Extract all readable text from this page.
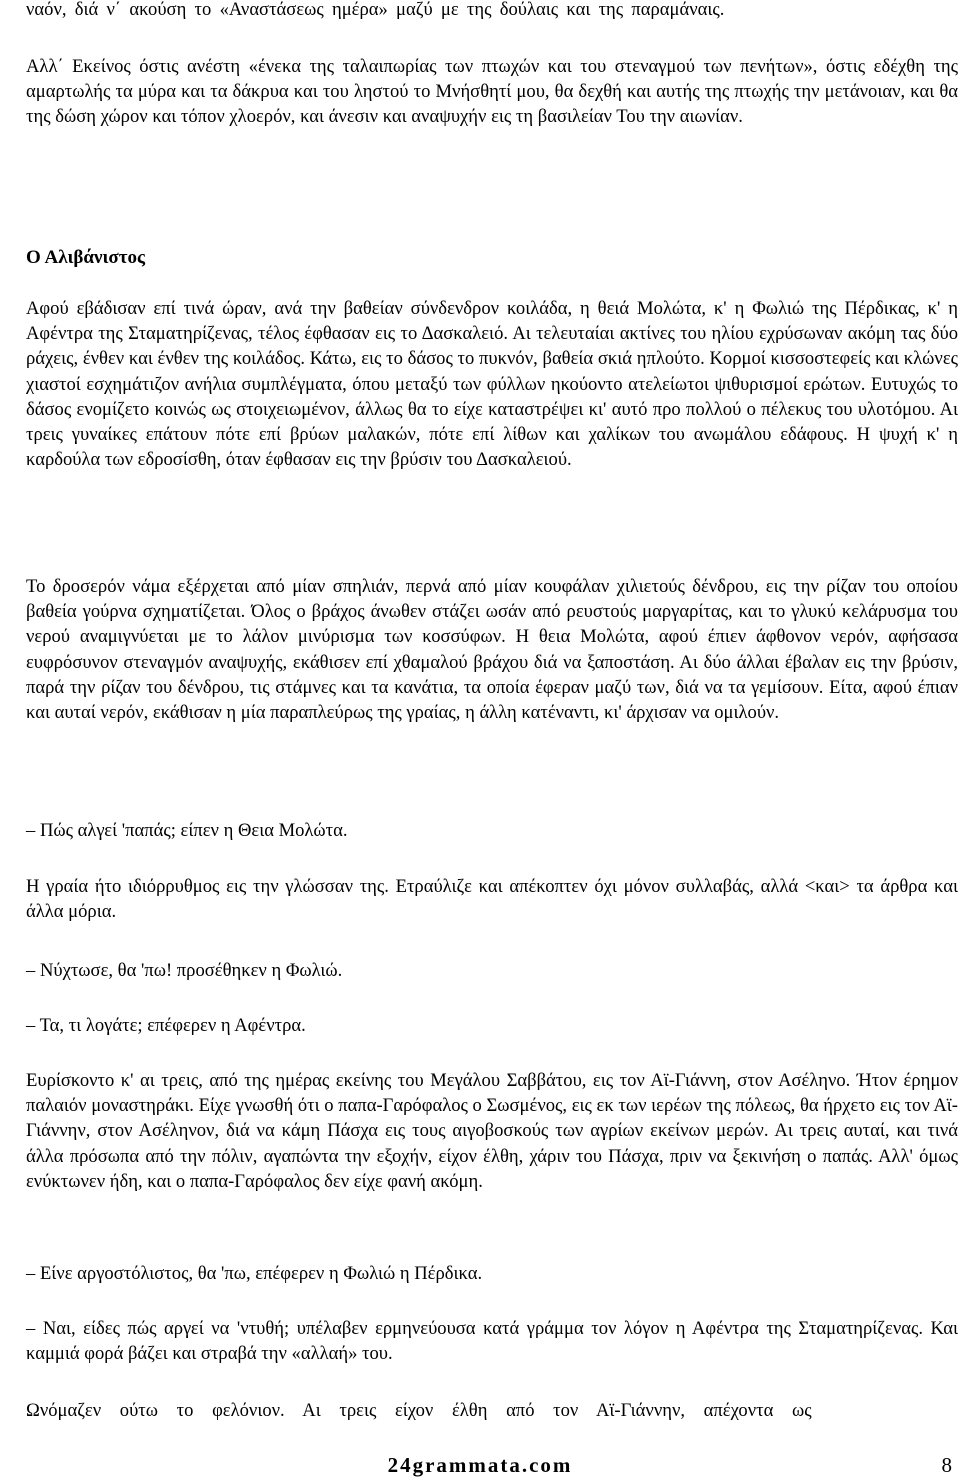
ναόν, διά ν΄ ακούση το «Αναστάσεως ημέρα» μαζύ με της δούλαις και της παραμάναις.

Αλλ΄ Εκείνος όστις ανέστη «ένεκα της ταλαιπωρίας των πτωχών και του στεναγμού των πενήτων», όστις εδέχθη της αμαρτωλής τα μύρα και τα δάκρυα και του ληστού το Μνήσθητί μου, θα δεχθή και αυτής της πτωχής την μετάνοιαν, και θα της δώση χώρον και τόπον χλοερόν, και άνεσιν και αναψυχήν εις τη βασιλείαν Του την αιωνίαν.

Ο Αλιβάνιστος

Αφού εβάδισαν επί τινά ώραν, ανά την βαθείαν σύνδενδρον κοιλάδα, η θειά Μολώτα, κ' η Φωλιώ της Πέρδικας, κ' η Αφέντρα της Σταματηρίζενας, τέλος έφθασαν εις το Δασκαλειό. Αι τελευταίαι ακτίνες του ηλίου εχρύσωναν ακόμη τας δύο ράχεις, ένθεν και ένθεν της κοιλάδος. Κάτω, εις το δάσος το πυκνόν, βαθεία σκιά ηπλούτο. Κορμοί κισσοστεφείς και κλώνες χιαστοί εσχημάτιζον ανήλια συμπλέγματα, όπου μεταξύ των φύλλων ηκούοντο ατελείωτοι ψιθυρισμοί ερώτων. Ευτυχώς το δάσος ενομίζετο κοινώς ως στοιχειωμένον, άλλως θα το είχε καταστρέψει κι' αυτό προ πολλού ο πέλεκυς του υλοτόμου. Αι τρεις γυναίκες επάτουν πότε επί βρύων μαλακών, πότε επί λίθων και χαλίκων του ανωμάλου εδάφους. Η ψυχή κ' η καρδούλα των εδροσίσθη, όταν έφθασαν εις την βρύσιν του Δασκαλειού.

Το δροσερόν νάμα εξέρχεται από μίαν σπηλιάν, περνά από μίαν κουφάλαν χιλιετούς δένδρου, εις την ρίζαν του οποίου βαθεία γούρνα σχηματίζεται. Όλος ο βράχος άνωθεν στάζει ωσάν από ρευστούς μαργαρίτας, και το γλυκύ κελάρυσμα του νερού αναμιγνύεται με το λάλον μινύρισμα των κοσσύφων. Η θεια Μολώτα, αφού έπιεν άφθονον νερόν, αφήσασα ευφρόσυνον στεναγμόν αναψυχής, εκάθισεν επί χθαμαλού βράχου διά να ξαποστάση. Αι δύο άλλαι έβαλαν εις την βρύσιν, παρά την ρίζαν του δένδρου, τις στάμνες και τα κανάτια, τα οποία έφεραν μαζύ των, διά να τα γεμίσουν. Είτα, αφού έπιαν και αυταί νερόν, εκάθισαν η μία παραπλεύρως της γραίας, η άλλη κατέναντι, κι' άρχισαν να ομιλούν.

– Πώς αλγεί 'παπάς; είπεν η Θεια Μολώτα.

Η γραία ήτο ιδιόρρυθμος εις την γλώσσαν της. Ετραύλιζε και απέκοπτεν όχι μόνον συλλαβάς, αλλά <και> τα άρθρα και άλλα μόρια.

– Νύχτωσε, θα 'πω! προσέθηκεν η Φωλιώ.

– Τα, τι λογάτε; επέφερεν η Αφέντρα.

Ευρίσκοντο κ' αι τρεις, από της ημέρας εκείνης του Μεγάλου Σαββάτου, εις τον Αϊ-Γιάννη, στον Ασέληνο. Ήτον έρημον παλαιόν μοναστηράκι. Είχε γνωσθή ότι ο παπα-Γαρόφαλος ο Σωσμένος, εις εκ των ιερέων της πόλεως, θα ήρχετο εις τον Αϊ-Γιάννην, στον Ασέληνον, διά να κάμη Πάσχα εις τους αιγοβοσκούς των αγρίων εκείνων μερών. Αι τρεις αυταί, και τινά άλλα πρόσωπα από την πόλιν, αγαπώντα την εξοχήν, είχον έλθη, χάριν του Πάσχα, πριν να ξεκινήση ο παπάς. Αλλ' όμως ενύκτωνεν ήδη, και ο παπα-Γαρόφαλος δεν είχε φανή ακόμη.

– Είνε αργοστόλιστος, θα 'πω, επέφερεν η Φωλιώ η Πέρδικα.

– Ναι, είδες πώς αργεί να 'ντυθή; υπέλαβεν ερμηνεύουσα κατά γράμμα τον λόγον η Αφέντρα της Σταματηρίζενας. Και καμμιά φορά βάζει και στραβά την «αλλαή» του.

Ωνόμαζεν ούτω το φελόνιον. Αι τρεις είχον έλθη από τον Αϊ-Γιάννην, απέχοντα ως

24grammata.com	8
